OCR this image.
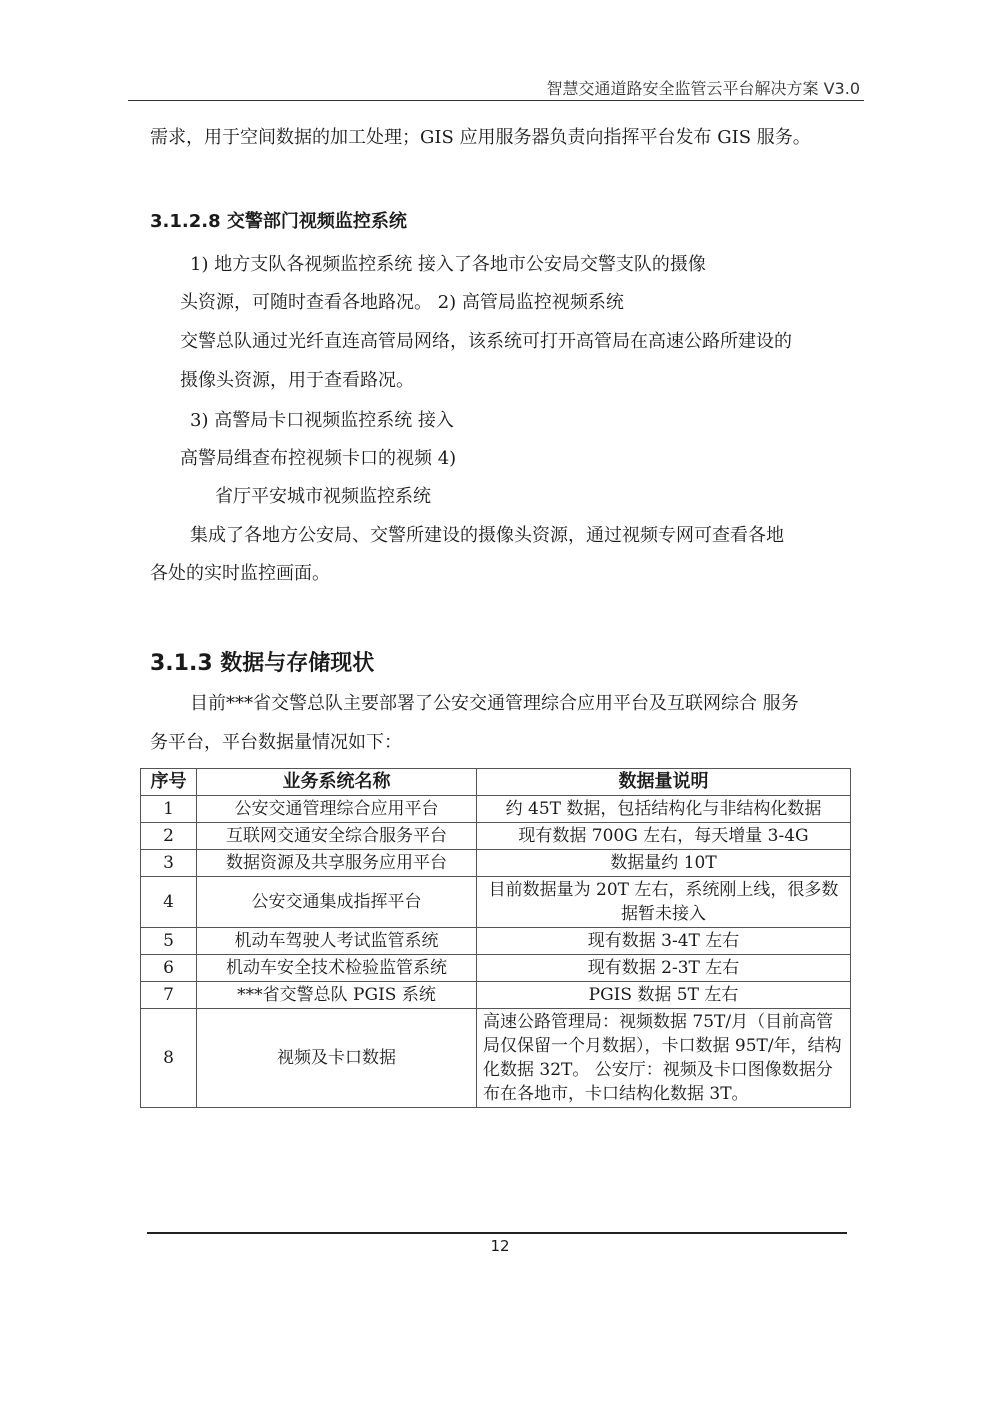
智慧交通道路安全监管云平台解决方案 V3.0
需求，用于空间数据的加工处理；GIS 应用服务器负责向指挥平台发布 GIS 服务。
3.1.2.8 交警部门视频监控系统
1) 地方支队各视频监控系统 接入了各地市公安局交警支队的摄像
头资源，可随时查看各地路况。 2) 高管局监控视频系统
交警总队通过光纤直连高管局网络，该系统可打开高管局在高速公路所建设的
摄像头资源，用于查看路况。
3) 高警局卡口视频监控系统 接入
高警局缉查布控视频卡口的视频 4)
省厅平安城市视频监控系统
集成了各地方公安局、交警所建设的摄像头资源，通过视频专网可查看各地
各处的实时监控画面。
3.1.3 数据与存储现状
目前***省交警总队主要部署了公安交通管理综合应用平台及互联网综合 服务
务平台，平台数据量情况如下：
序号	业务系统名称	数据量说明
1	公安交通管理综合应用平台	约 45T 数据，包括结构化与非结构化数据
2	互联网交通安全综合服务平台	现有数据 700G 左右，每天增量 3-4G
3	数据资源及共享服务应用平台	数据量约 10T
4	公安交通集成指挥平台	目前数据量为 20T 左右，系统刚上线，很多数据暂未接入
5	机动车驾驶人考试监管系统	现有数据 3-4T 左右
6	机动车安全技术检验监管系统	现有数据 2-3T 左右
7	***省交警总队 PGIS 系统	PGIS 数据 5T 左右
8	视频及卡口数据	高速公路管理局：视频数据 75T/月（目前高管局仅保留一个月数据），卡口数据 95T/年，结构化数据 32T。 公安厅：视频及卡口图像数据分布在各地市，卡口结构化数据 3T。
12
